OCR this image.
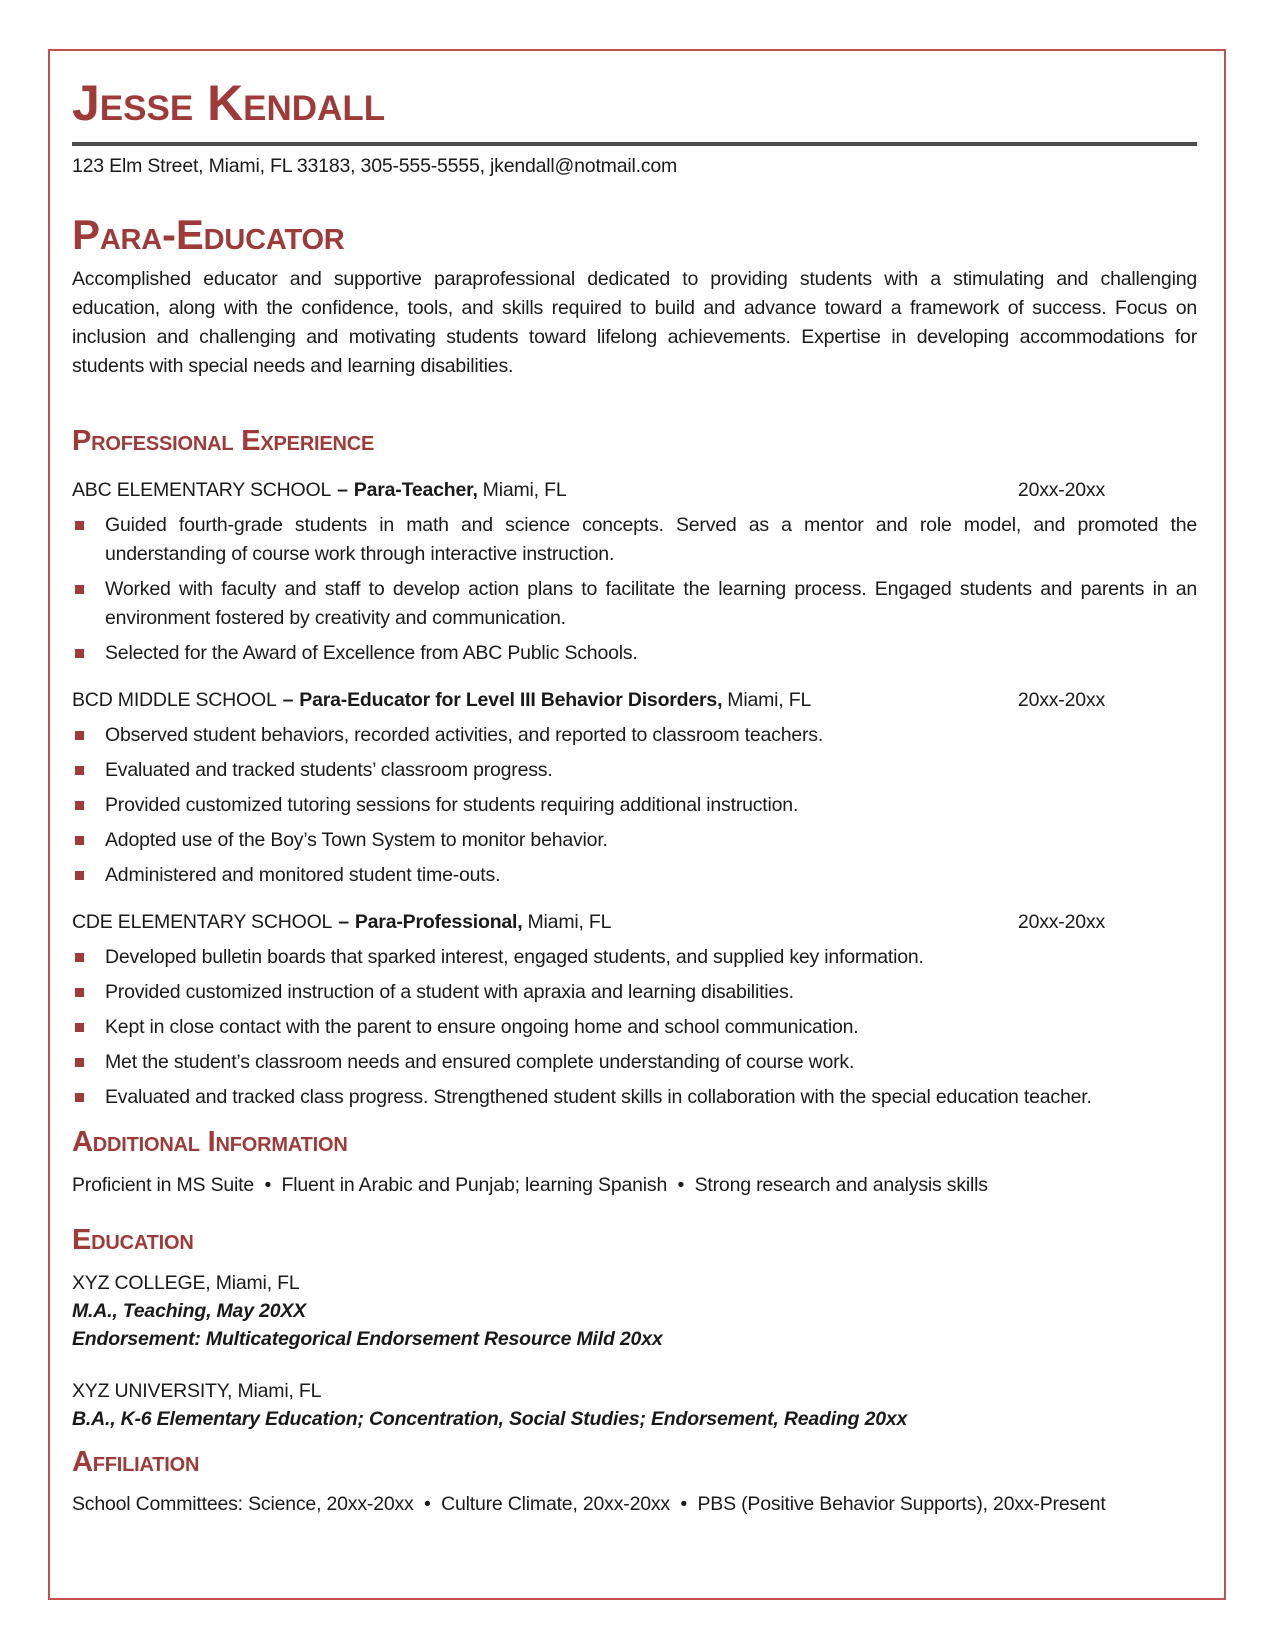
Jesse Kendall

123 Elm Street, Miami, FL 33183, 305-555-5555, jkendall@notmail.com

Para-Educator

Accomplished educator and supportive paraprofessional dedicated to providing students with a stimulating and challenging education, along with the confidence, tools, and skills required to build and advance toward a framework of success. Focus on inclusion and challenging and motivating students toward lifelong achievements. Expertise in developing accommodations for students with special needs and learning disabilities.

Professional Experience
ABC ELEMENTARY SCHOOL – Para-Teacher, Miami, FL	20xx-20xx
Guided fourth-grade students in math and science concepts. Served as a mentor and role model, and promoted the understanding of course work through interactive instruction.
Worked with faculty and staff to develop action plans to facilitate the learning process. Engaged students and parents in an environment fostered by creativity and communication.
Selected for the Award of Excellence from ABC Public Schools.
BCD MIDDLE SCHOOL – Para-Educator for Level III Behavior Disorders, Miami, FL	20xx-20xx
Observed student behaviors, recorded activities, and reported to classroom teachers.
Evaluated and tracked students’ classroom progress.
Provided customized tutoring sessions for students requiring additional instruction.
Adopted use of the Boy’s Town System to monitor behavior.
Administered and monitored student time-outs.
CDE ELEMENTARY SCHOOL – Para-Professional, Miami, FL	20xx-20xx
Developed bulletin boards that sparked interest, engaged students, and supplied key information.
Provided customized instruction of a student with apraxia and learning disabilities.
Kept in close contact with the parent to ensure ongoing home and school communication.
Met the student’s classroom needs and ensured complete understanding of course work.
Evaluated and tracked class progress. Strengthened student skills in collaboration with the special education teacher.
Additional Information

Proficient in MS Suite  •  Fluent in Arabic and Punjab; learning Spanish  •  Strong research and analysis skills

Education

XYZ COLLEGE, Miami, FL

M.A., Teaching, May 20XX

Endorsement: Multicategorical Endorsement Resource Mild 20xx

XYZ UNIVERSITY, Miami, FL

B.A., K-6 Elementary Education; Concentration, Social Studies; Endorsement, Reading 20xx

Affiliation

School Committees: Science, 20xx-20xx  •  Culture Climate, 20xx-20xx  •  PBS (Positive Behavior Supports), 20xx-Present
